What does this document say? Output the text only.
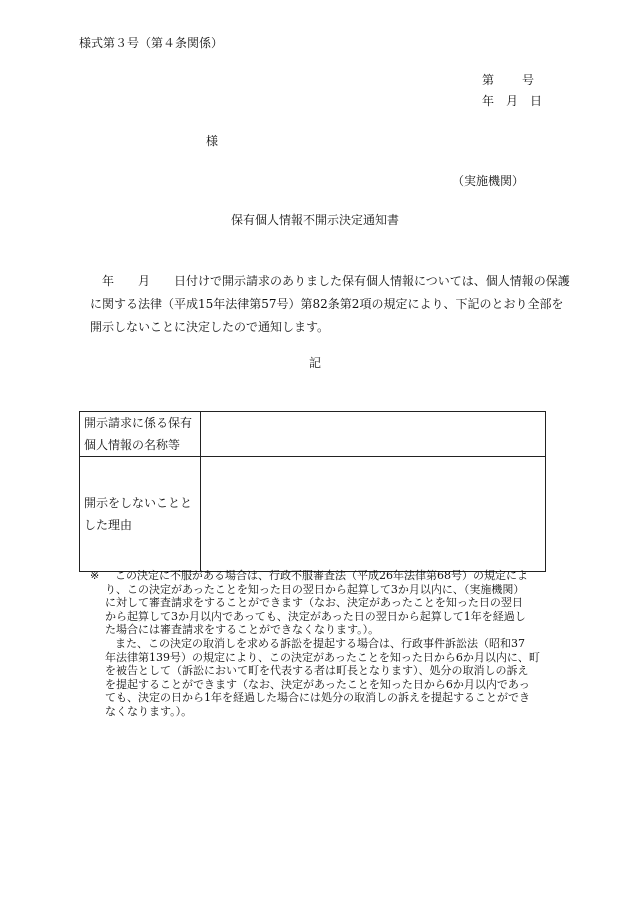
様式第３号（第４条関係）
第 号
年　月　日
様
（実施機関）
保有個人情報不開示決定通知書
年　　月　　日付けで開示請求のありました保有個人情報については、個人情報の保護
に関する法律（平成15年法律第57号）第82条第2項の規定により、下記のとおり全部を
開示しないことに決定したので通知します。
記
開示請求に係る保有
個人情報の名称等	

開示をしないことと
した理由	

※	この決定に不服がある場合は、行政不服審査法（平成26年法律第68号）の規定によ
り、この決定があったことを知った日の翌日から起算して3か月以内に、（実施機関）
に対して審査請求をすることができます（なお、決定があったことを知った日の翌日
から起算して3か月以内であっても、決定があった日の翌日から起算して1年を経過し
た場合には審査請求をすることができなくなります。）。
また、この決定の取消しを求める訴訟を提起する場合は、行政事件訴訟法（昭和37
年法律第139号）の規定により、この決定があったことを知った日から6か月以内に、町
を被告として（訴訟において町を代表する者は町長となります）、処分の取消しの訴え
を提起することができます（なお、決定があったことを知った日から6か月以内であっ
ても、決定の日から1年を経過した場合には処分の取消しの訴えを提起することができ
なくなります。）。
